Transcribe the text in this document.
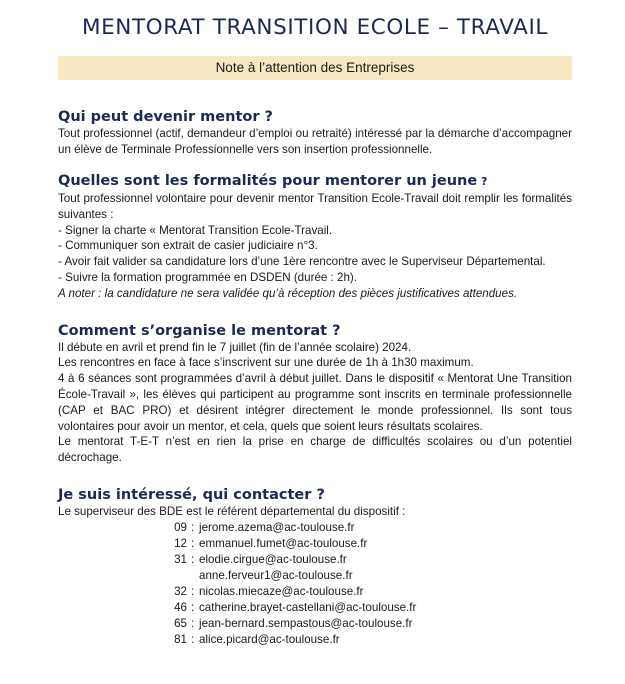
MENTORAT TRANSITION ECOLE – TRAVAIL
Note à l’attention des Entreprises
Qui peut devenir mentor ?

Tout professionnel (actif, demandeur d’emploi ou retraité) intéressé par la démarche d’accompagner un élève de Terminale Professionnelle vers son insertion professionnelle.

Quelles sont les formalités pour mentorer un jeune ?

Tout professionnel volontaire pour devenir mentor Transition Ecole-Travail doit remplir les formalités suivantes :

- Signer la charte « Mentorat Transition Ecole-Travail.

- Communiquer son extrait de casier judiciaire n°3.

- Avoir fait valider sa candidature lors d’une 1ère rencontre avec le Superviseur Départemental.

- Suivre la formation programmée en DSDEN (durée : 2h).

A noter : la candidature ne sera validée qu’à réception des pièces justificatives attendues.

Comment s’organise le mentorat ?

Il débute en avril et prend fin le 7 juillet (fin de l’année scolaire) 2024.

Les rencontres en face à face s’inscrivent sur une durée de 1h à 1h30 maximum.

4 à 6 séances sont programmées d’avril à début juillet. Dans le dispositif « Mentorat Une Transition École-Travail », les élèves qui participent au programme sont inscrits en terminale professionnelle (CAP et BAC PRO) et désirent intégrer directement le monde professionnel. Ils sont tous volontaires pour avoir un mentor, et cela, quels que soient leurs résultats scolaires.

Le mentorat T-E-T n’est en rien la prise en charge de difficultés scolaires ou d’un potentiel décrochage.

Je suis intéressé, qui contacter ?

Le superviseur des BDE est le référent départemental du dispositif :

09 : jerome.azema@ac-toulouse.fr
12 : emmanuel.fumet@ac-toulouse.fr
31 : elodie.cirgue@ac-toulouse.fr
anne.ferveur1@ac-toulouse.fr
32 : nicolas.miecaze@ac-toulouse.fr
46 : catherine.brayet-castellani@ac-toulouse.fr
65 : jean-bernard.sempastous@ac-toulouse.fr
81 : alice.picard@ac-toulouse.fr
